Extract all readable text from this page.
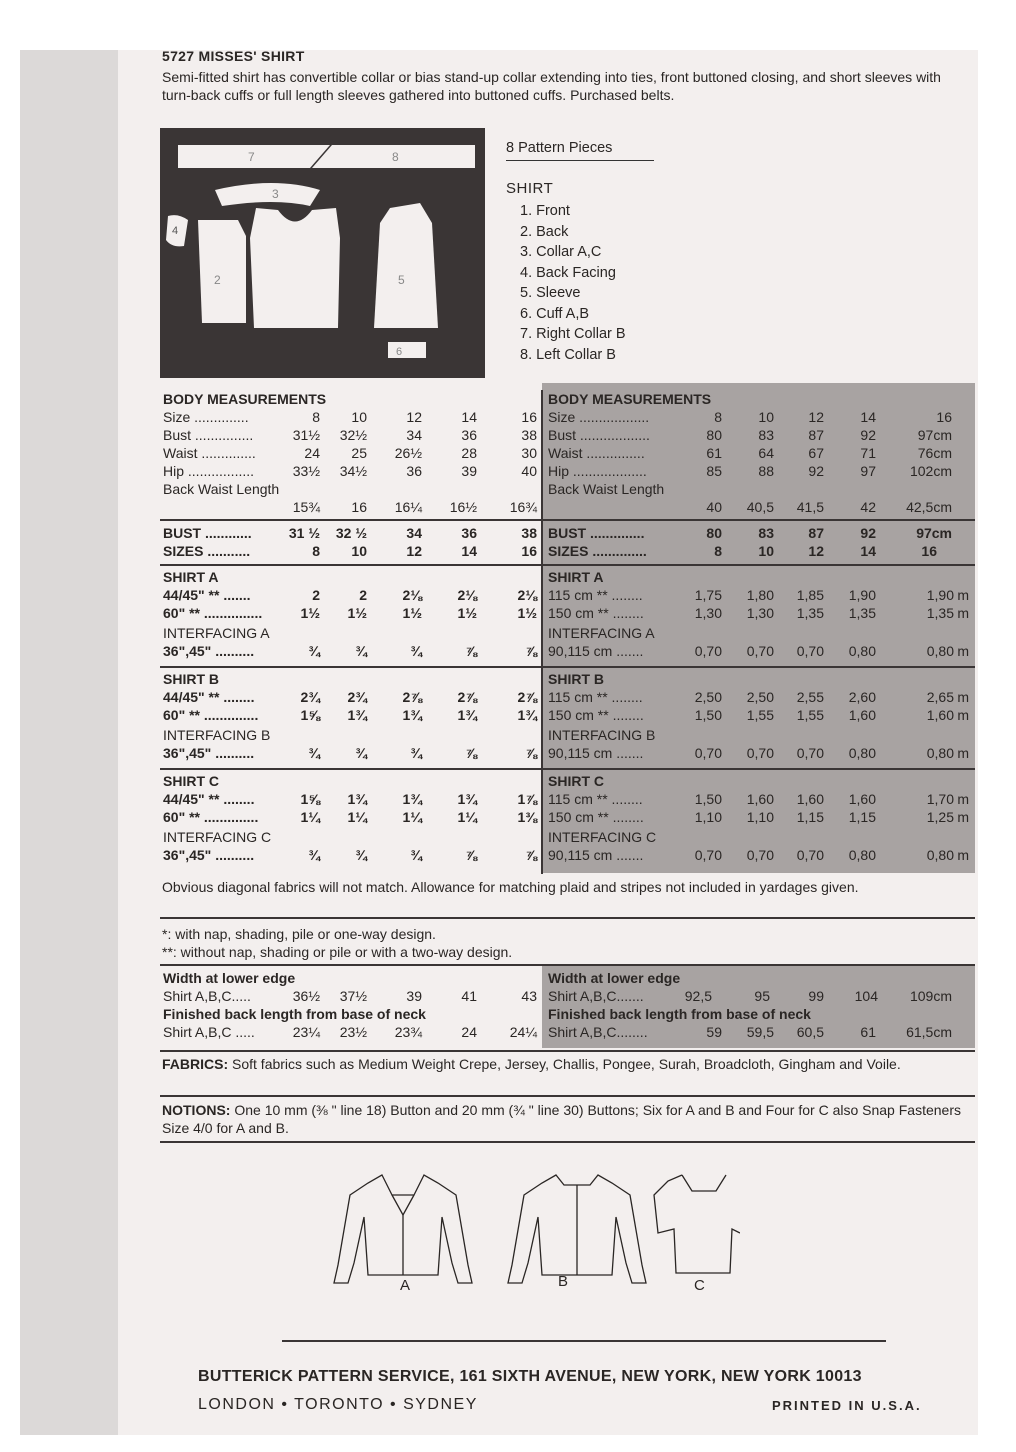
5727 MISSES' SHIRT
Semi-fitted shirt has convertible collar or bias stand-up collar extending into ties, front buttoned closing, and short sleeves with turn-back cuffs or full length sleeves gathered into buttoned cuffs. Purchased belts.
7	8
3
4
2	5
6
8 Pattern Pieces
SHIRT
1. Front
2. Back
3. Collar A,C
4. Back Facing
5. Sleeve
6. Cuff A,B
7. Right Collar B
8. Left Collar B
BODY MEASUREMENTS
Size ..............	8	10	12	14	16
Bust ...............	31½	32½	34	36	38
Waist ..............	24	25	26½	28	30
Hip .................	33½	34½	36	39	40
Back Waist Length
15¾	16	16¼	16½	16¾
BUST ............	31 ½	32 ½	34	36	38
SIZES ...........	8	10	12	14	16
SHIRT A
44/45" ** .......	2	2	2⅛	2⅛	2⅛
60" ** ...............	1½	1½	1½	1½	1½
INTERFACING A
36",45" ..........	¾	¾	¾	⅞	⅞
SHIRT B
44/45" ** ........	2¾	2¾	2⅞	2⅞	2⅞
60" ** ..............	1⅝	1¾	1¾	1¾	1¾
INTERFACING B
36",45" ..........	¾	¾	¾	⅞	⅞
SHIRT C
44/45" ** ........	1⅝	1¾	1¾	1¾	1⅞
60" ** ..............	1¼	1¼	1¼	1¼	1⅜
INTERFACING C
36",45" ..........	¾	¾	¾	⅞	⅞
BODY MEASUREMENTS
Size ..................	8	10	12	14	16
Bust ..................	80	83	87	92	97cm
Waist ...............	61	64	67	71	76cm
Hip ...................	85	88	92	97	102cm
Back Waist Length
40	40,5	41,5	42	42,5cm
BUST ..............	80	83	87	92	97cm
SIZES ..............	8	10	12	14	16
SHIRT A
115 cm ** ........	1,75	1,80	1,85	1,90	1,90 m
150 cm ** ........	1,30	1,30	1,35	1,35	1,35 m
INTERFACING A
90,115 cm .......	0,70	0,70	0,70	0,80	0,80 m
SHIRT B
115 cm ** ........	2,50	2,50	2,55	2,60	2,65 m
150 cm ** ........	1,50	1,55	1,55	1,60	1,60 m
INTERFACING B
90,115 cm .......	0,70	0,70	0,70	0,80	0,80 m
SHIRT C
115 cm ** ........	1,50	1,60	1,60	1,60	1,70 m
150 cm ** ........	1,10	1,10	1,15	1,15	1,25 m
INTERFACING C
90,115 cm .......	0,70	0,70	0,70	0,80	0,80 m
Obvious diagonal fabrics will not match. Allowance for matching plaid and stripes not included in yardages given.
*: with nap, shading, pile or one-way design.
**: without nap, shading or pile or with a two-way design.
Width at lower edge
Shirt A,B,C.....	36½	37½	39	41	43
Finished back length from base of neck
Shirt A,B,C .....	23¼	23½	23¾	24	24¼
Width at lower edge
Shirt A,B,C.......	92,5	95	99	104	109cm
Finished back length from base of neck
Shirt A,B,C........	59	59,5	60,5	61	61,5cm
FABRICS: Soft fabrics such as Medium Weight Crepe, Jersey, Challis, Pongee, Surah, Broadcloth, Gingham and Voile.
NOTIONS: One 10 mm (⅜ " line 18) Button and 20 mm (¾ " line 30) Buttons; Six for A and B and Four for C also Snap Fasteners Size 4/0 for A and B.
A	B	C
BUTTERICK PATTERN SERVICE, 161 SIXTH AVENUE, NEW YORK, NEW YORK 10013
LONDON • TORONTO • SYDNEY	PRINTED IN U.S.A.
